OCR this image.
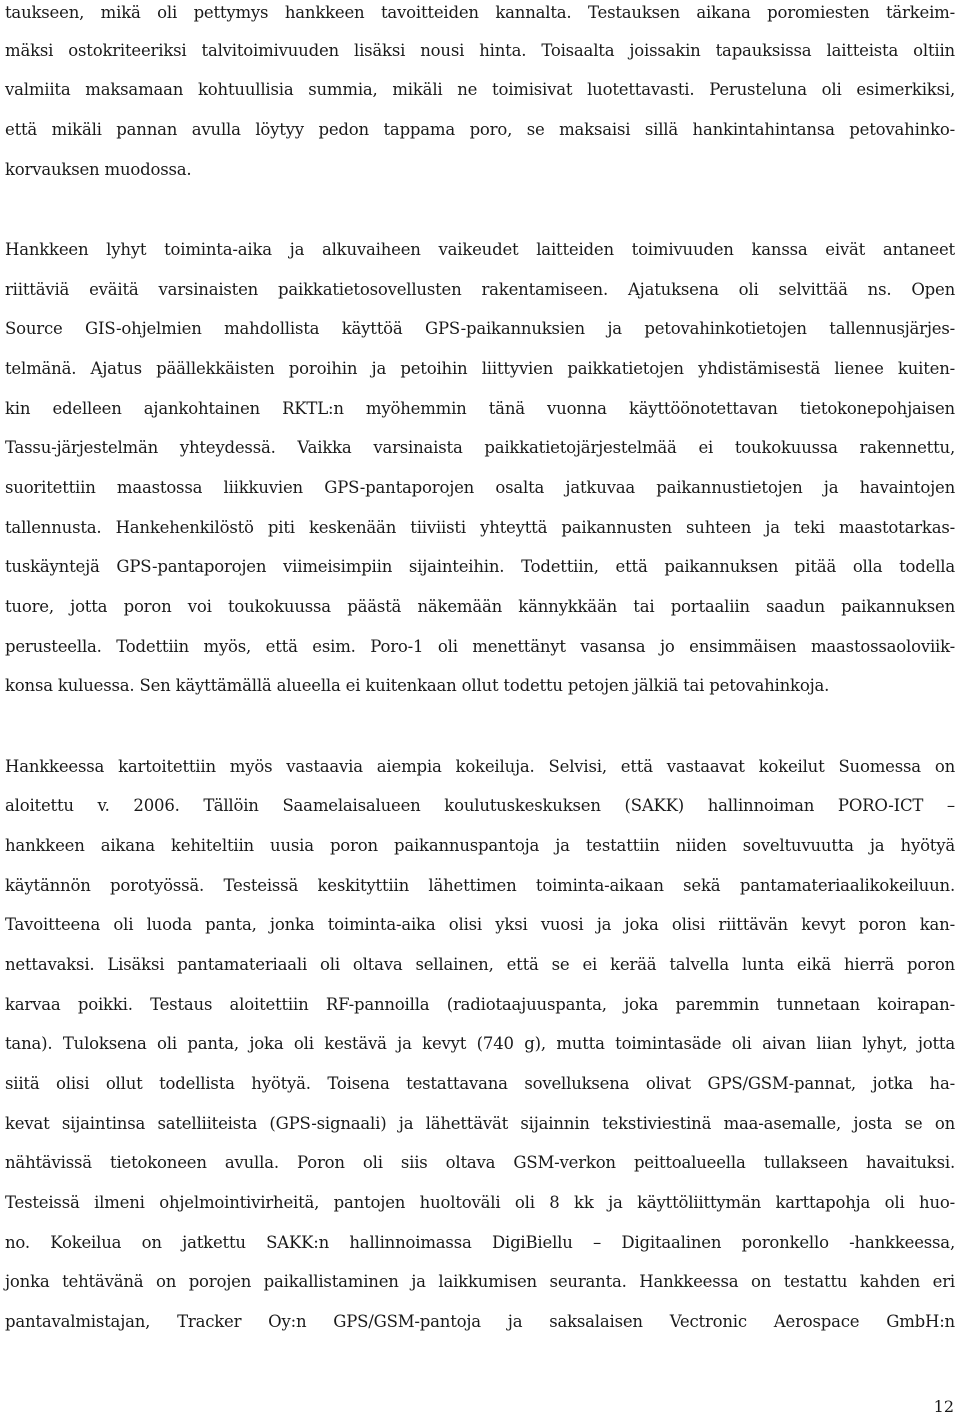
taukseen, mikä oli pettymys hankkeen tavoitteiden kannalta. Testauksen aikana poromiesten tärkeim-
mäksi ostokriteeriksi talvitoimivuuden lisäksi nousi hinta. Toisaalta joissakin tapauksissa laitteista oltiin
valmiita maksamaan kohtuullisia summia, mikäli ne toimisivat luotettavasti. Perusteluna oli esimerkiksi,
että mikäli pannan avulla löytyy pedon tappama poro, se maksaisi sillä hankintahintansa petovahinko-
korvauksen muodossa.
Hankkeen lyhyt toiminta-aika ja alkuvaiheen vaikeudet laitteiden toimivuuden kanssa eivät antaneet
riittäviä eväitä varsinaisten paikkatietosovellusten rakentamiseen. Ajatuksena oli selvittää ns. Open
Source GIS-ohjelmien mahdollista käyttöä GPS-paikannuksien ja petovahinkotietojen tallennusjärjes-
telmänä. Ajatus päällekkäisten poroihin ja petoihin liittyvien paikkatietojen yhdistämisestä lienee kuiten-
kin edelleen ajankohtainen RKTL:n myöhemmin tänä vuonna käyttöönotettavan tietokonepohjaisen
Tassu-järjestelmän yhteydessä. Vaikka varsinaista paikkatietojärjestelmää ei toukokuussa rakennettu,
suoritettiin maastossa liikkuvien GPS-pantaporojen osalta jatkuvaa paikannustietojen ja havaintojen
tallennusta. Hankehenkilöstö piti keskenään tiiviisti yhteyttä paikannusten suhteen ja teki maastotarkas-
tuskäyntejä GPS-pantaporojen viimeisimpiin sijainteihin. Todettiin, että paikannuksen pitää olla todella
tuore, jotta poron voi toukokuussa päästä näkemään kännykkään tai portaaliin saadun paikannuksen
perusteella. Todettiin myös, että esim. Poro-1 oli menettänyt vasansa jo ensimmäisen maastossaoloviik-
konsa kuluessa. Sen käyttämällä alueella ei kuitenkaan ollut todettu petojen jälkiä tai petovahinkoja.
Hankkeessa kartoitettiin myös vastaavia aiempia kokeiluja. Selvisi, että vastaavat kokeilut Suomessa on
aloitettu v. 2006. Tällöin Saamelaisalueen koulutuskeskuksen (SAKK) hallinnoiman PORO-ICT –
hankkeen aikana kehiteltiin uusia poron paikannuspantoja ja testattiin niiden soveltuvuutta ja hyötyä
käytännön porotyössä. Testeissä keskityttiin lähettimen toiminta-aikaan sekä pantamateriaalikokeiluun.
Tavoitteena oli luoda panta, jonka toiminta-aika olisi yksi vuosi ja joka olisi riittävän kevyt poron kan-
nettavaksi. Lisäksi pantamateriaali oli oltava sellainen, että se ei kerää talvella lunta eikä hierrä poron
karvaa poikki. Testaus aloitettiin RF-pannoilla (radiotaajuuspanta, joka paremmin tunnetaan koirapan-
tana). Tuloksena oli panta, joka oli kestävä ja kevyt (740 g), mutta toimintasäde oli aivan liian lyhyt, jotta
siitä olisi ollut todellista hyötyä. Toisena testattavana sovelluksena olivat GPS/GSM-pannat, jotka ha-
kevat sijaintinsa satelliiteista (GPS-signaali) ja lähettävät sijainnin tekstiviestinä maa-asemalle, josta se on
nähtävissä tietokoneen avulla. Poron oli siis oltava GSM-verkon peittoalueella tullakseen havaituksi.
Testeissä ilmeni ohjelmointivirheitä, pantojen huoltoväli oli 8 kk ja käyttöliittymän karttapohja oli huo-
no. Kokeilua on jatkettu SAKK:n hallinnoimassa DigiBiellu – Digitaalinen poronkello -hankkeessa,
jonka tehtävänä on porojen paikallistaminen ja laikkumisen seuranta. Hankkeessa on testattu kahden eri
pantavalmistajan, Tracker Oy:n GPS/GSM-pantoja ja saksalaisen Vectronic Aerospace GmbH:n
12
